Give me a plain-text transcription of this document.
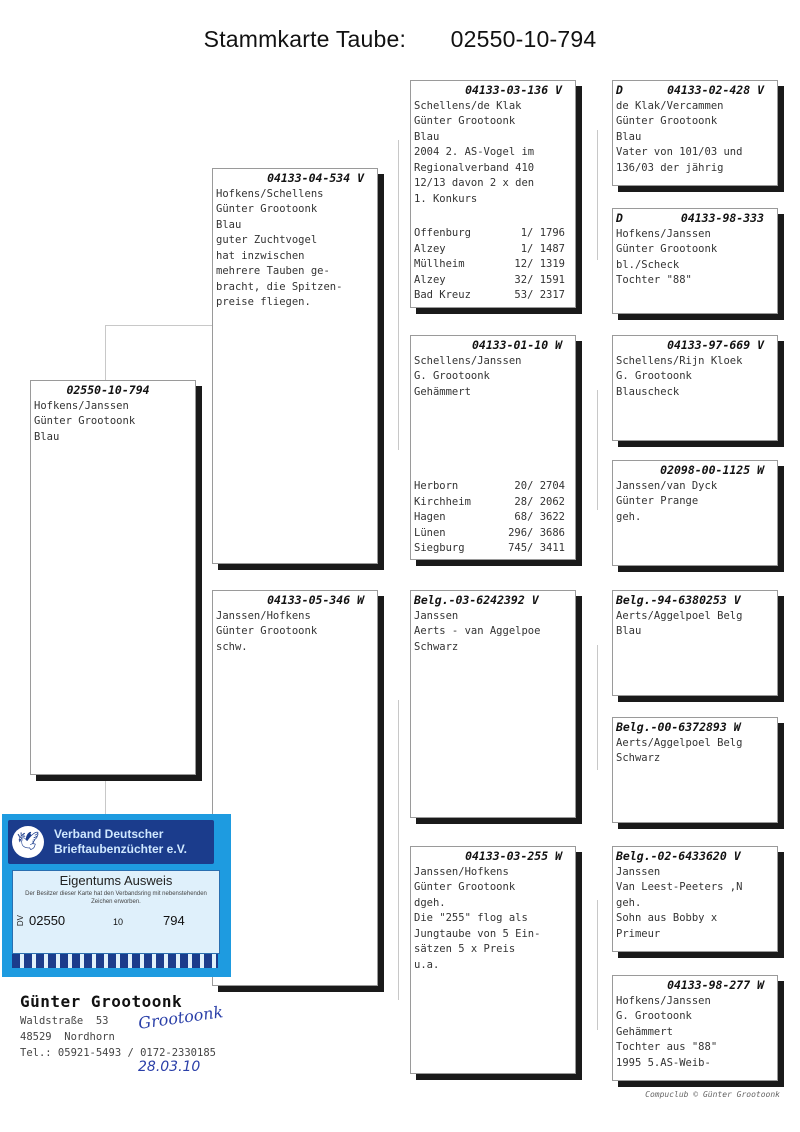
Stammkarte Taube: 02550-10-794
02550-10-794
Hofkens/Janssen
Günter Grootoonk
Blau
04133-04-534 V
Hofkens/Schellens
Günter Grootoonk
Blau
guter Zuchtvogel
hat inzwischen
mehrere Tauben ge-
bracht, die Spitzen-
preise fliegen.
04133-05-346 W
Janssen/Hofkens
Günter Grootoonk
schw.
04133-03-136 V
Schellens/de Klak
Günter Grootoonk
Blau
2004 2. AS-Vogel im
Regionalverband 410
12/13 davon 2 x den
1. Konkurs
Offenburg	1/ 1796
Alzey	1/ 1487
Müllheim	12/ 1319
Alzey	32/ 1591
Bad Kreuz	53/ 2317
04133-01-10 W
Schellens/Janssen
G. Grootoonk
Gehämmert
Herborn	20/ 2704
Kirchheim	28/ 2062
Hagen	68/ 3622
Lünen	296/ 3686
Siegburg	745/ 3411
Belg.-03-6242392 V
Janssen
Aerts - van Aggelpoe
Schwarz
04133-03-255 W
Janssen/Hofkens
Günter Grootoonk
dgeh.
Die "255" flog als
Jungtaube von 5 Ein-
sätzen 5 x Preis
u.a.
D	04133-02-428 V
de Klak/Vercammen
Günter Grootoonk
Blau
Vater von 101/03 und
136/03 der jährig
D	04133-98-333
Hofkens/Janssen
Günter Grootoonk
bl./Scheck
Tochter "88"
04133-97-669 V
Schellens/Rijn Kloek
G. Grootoonk
Blauscheck
02098-00-1125 W
Janssen/van Dyck
Günter Prange
geh.
Belg.-94-6380253 V
Aerts/Aggelpoel Belg
Blau
Belg.-00-6372893 W
Aerts/Aggelpoel Belg
Schwarz
Belg.-02-6433620 V
Janssen
Van Leest-Peeters ,N
geh.
Sohn aus Bobby x
Primeur
04133-98-277 W
Hofkens/Janssen
G. Grootoonk
Gehämmert
Tochter aus "88"
1995 5.AS-Weib-
🕊	Verband Deutscher
Brieftaubenzüchter e.V.
Eigentums Ausweis
Der Besitzer dieser Karte hat den Verbandsring mit nebenstehenden Zeichen erworben.
DV 02550	10	794
Günter Grootoonk
Waldstraße  53
48529  Nordhorn
Tel.: 05921-5493 / 0172-2330185
Grootoonk
28.03.10
Compuclub © Günter Grootoonk
